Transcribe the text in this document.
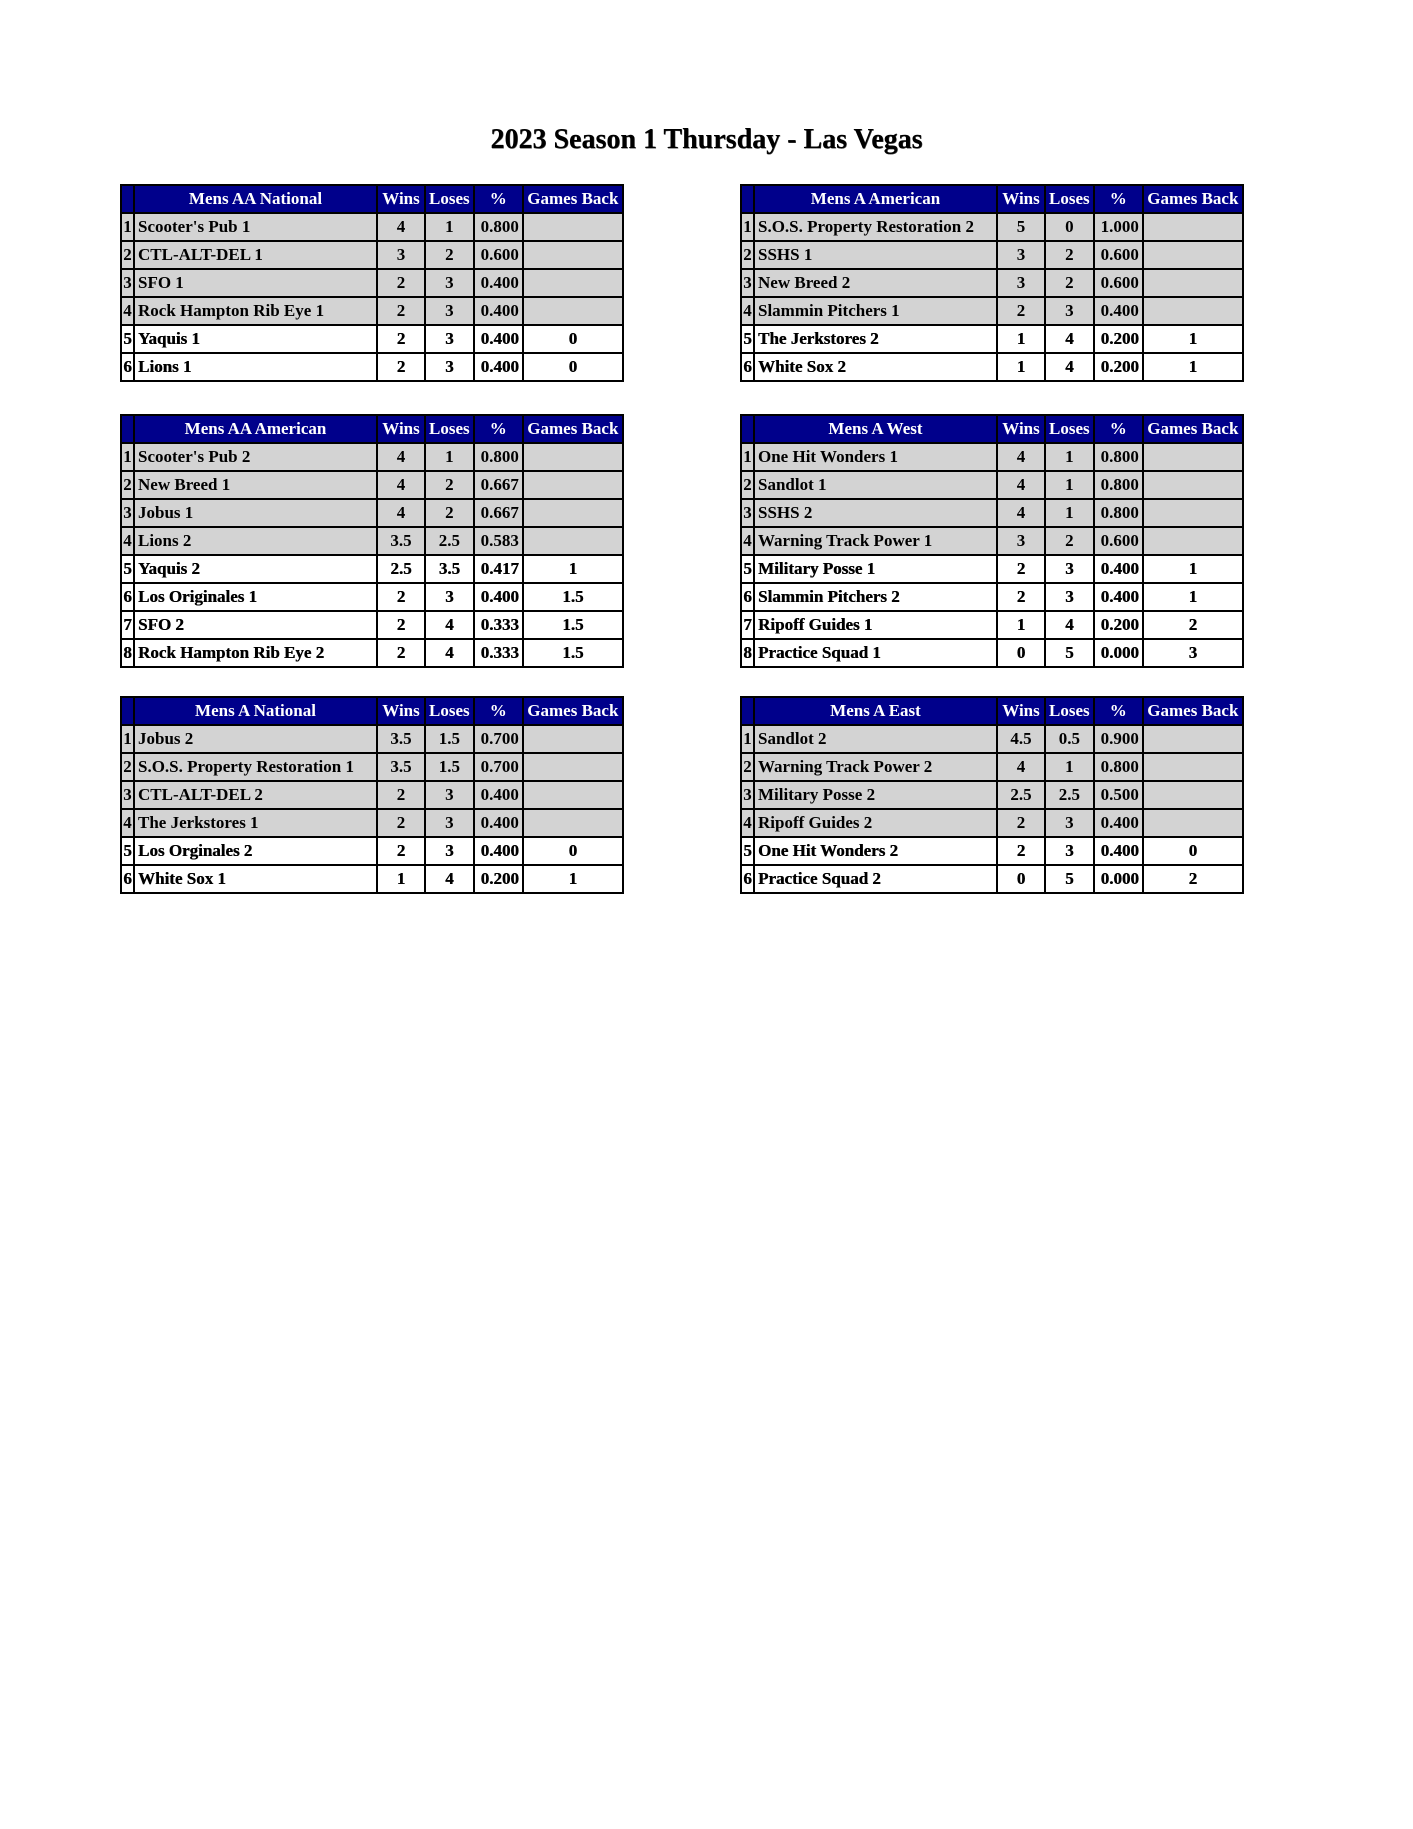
2023 Season 1 Thursday - Las Vegas
	Mens AA National	Wins	Loses	%	Games Back
1	Scooter's Pub 1	4	1	0.800	
2	CTL-ALT-DEL 1	3	2	0.600	
3	SFO 1	2	3	0.400	
4	Rock Hampton Rib Eye 1	2	3	0.400	
5	Yaquis 1	2	3	0.400	0
6	Lions 1	2	3	0.400	0
	Mens A American	Wins	Loses	%	Games Back
1	S.O.S. Property Restoration 2	5	0	1.000	
2	SSHS 1	3	2	0.600	
3	New Breed 2	3	2	0.600	
4	Slammin Pitchers 1	2	3	0.400	
5	The Jerkstores 2	1	4	0.200	1
6	White Sox 2	1	4	0.200	1
	Mens AA American	Wins	Loses	%	Games Back
1	Scooter's Pub 2	4	1	0.800	
2	New Breed 1	4	2	0.667	
3	Jobus 1	4	2	0.667	
4	Lions 2	3.5	2.5	0.583	
5	Yaquis 2	2.5	3.5	0.417	1
6	Los Originales 1	2	3	0.400	1.5
7	SFO 2	2	4	0.333	1.5
8	Rock Hampton Rib Eye 2	2	4	0.333	1.5
	Mens A West	Wins	Loses	%	Games Back
1	One Hit Wonders 1	4	1	0.800	
2	Sandlot 1	4	1	0.800	
3	SSHS 2	4	1	0.800	
4	Warning Track Power 1	3	2	0.600	
5	Military Posse 1	2	3	0.400	1
6	Slammin Pitchers 2	2	3	0.400	1
7	Ripoff Guides 1	1	4	0.200	2
8	Practice Squad 1	0	5	0.000	3
	Mens A National	Wins	Loses	%	Games Back
1	Jobus 2	3.5	1.5	0.700	
2	S.O.S. Property Restoration 1	3.5	1.5	0.700	
3	CTL-ALT-DEL 2	2	3	0.400	
4	The Jerkstores 1	2	3	0.400	
5	Los Orginales 2	2	3	0.400	0
6	White Sox 1	1	4	0.200	1
	Mens A East	Wins	Loses	%	Games Back
1	Sandlot 2	4.5	0.5	0.900	
2	Warning Track Power 2	4	1	0.800	
3	Military Posse 2	2.5	2.5	0.500	
4	Ripoff Guides 2	2	3	0.400	
5	One Hit Wonders 2	2	3	0.400	0
6	Practice Squad 2	0	5	0.000	2
